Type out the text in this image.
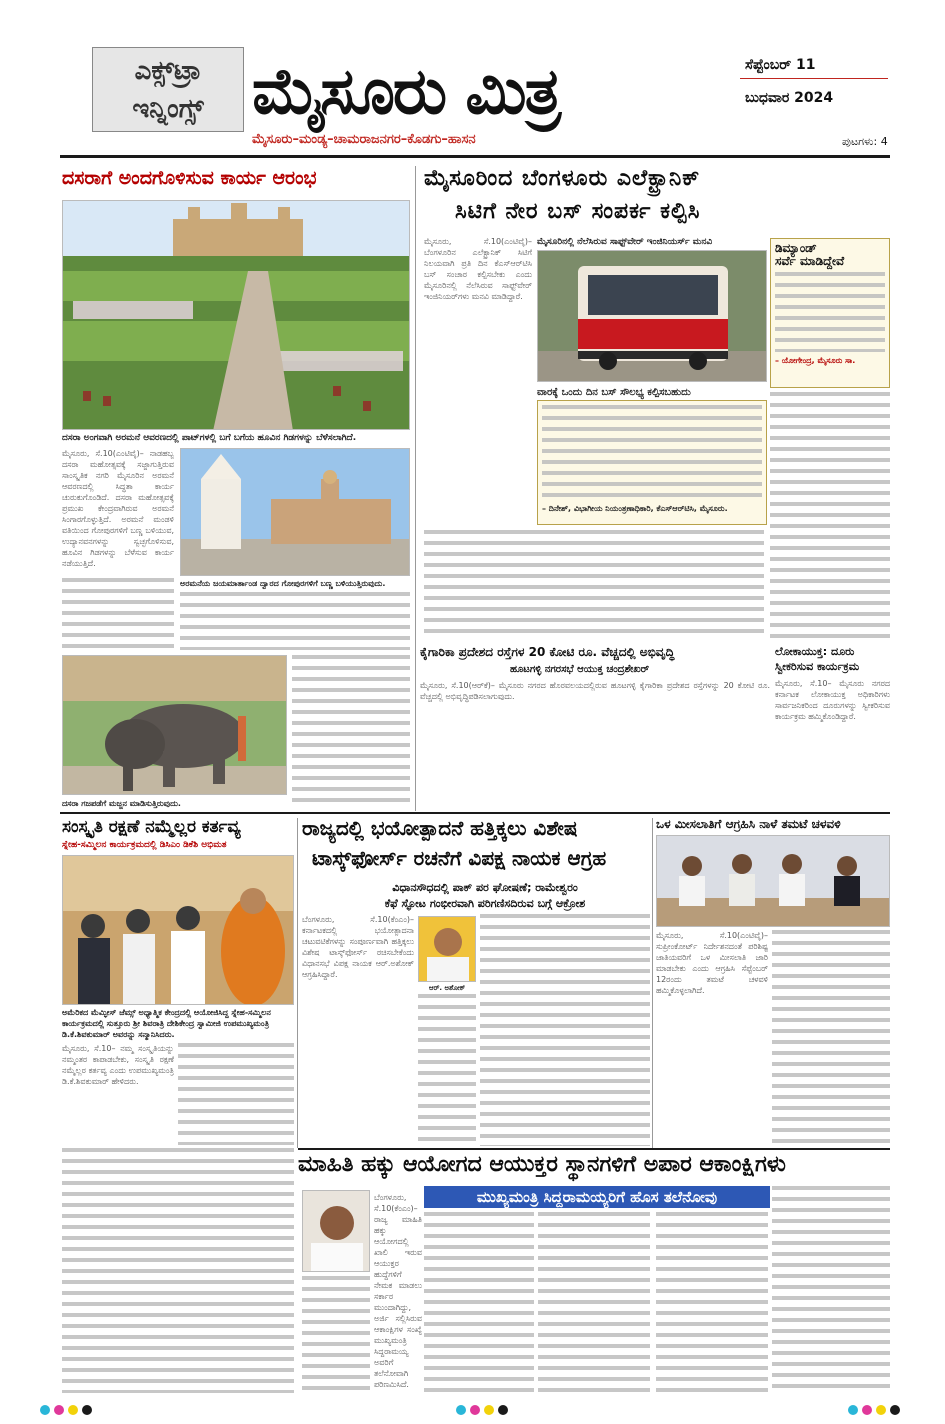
ಎಕ್ಸ್‌ಟ್ರಾ
ಇನ್ನಿಂಗ್ಸ್ ಮೈಸೂರು ಮಿತ್ರ
ಮೈಸೂರು–ಮಂಡ್ಯ–ಚಾಮರಾಜನಗರ–ಕೊಡಗು–ಹಾಸನ
ಸೆಪ್ಟೆಂಬರ್ 11
ಬುಧವಾರ 2024
ಪುಟಗಳು: 4
ದಸರಾಗೆ ಅಂದಗೊಳಿಸುವ ಕಾರ್ಯ ಆರಂಭ
ದಸರಾ ಅಂಗವಾಗಿ ಅರಮನೆ ಆವರಣದಲ್ಲಿ ಪಾಟ್‌ಗಳಲ್ಲಿ ಬಗೆ ಬಗೆಯ ಹೂವಿನ ಗಿಡಗಳನ್ನು ಬೆಳೆಸಲಾಗಿದೆ.
ಮೈಸೂರು, ಸೆ.10(ಎಂಟಿವೈ)– ನಾಡಹಬ್ಬ ದಸರಾ ಮಹೋತ್ಸವಕ್ಕೆ ಸಜ್ಜಾಗುತ್ತಿರುವ ಸಾಂಸ್ಕೃತಿಕ ನಗರಿ ಮೈಸೂರಿನ ಅರಮನೆ ಆವರಣದಲ್ಲಿ ಸಿದ್ಧತಾ ಕಾರ್ಯ ಚುರುಕುಗೊಂಡಿದೆ. ದಸರಾ ಮಹೋತ್ಸವಕ್ಕೆ ಪ್ರಮುಖ ಕೇಂದ್ರವಾಗಿರುವ ಅರಮನೆ ಸಿಂಗಾರಗೊಳ್ಳುತ್ತಿದೆ. ಅರಮನೆ ಮಂಡಳಿ ವತಿಯಿಂದ ಗೋಪುರಗಳಿಗೆ ಬಣ್ಣ ಬಳಿಯುವ, ಉದ್ಯಾನವನಗಳನ್ನು ಸ್ವಚ್ಛಗೊಳಿಸುವ, ಹೂವಿನ ಗಿಡಗಳನ್ನು ಬೆಳೆಸುವ ಕಾರ್ಯ ನಡೆಯುತ್ತಿದೆ.
ಅರಮನೆಯ ಜಯಮಾರ್ತಾಂಡ ದ್ವಾರದ ಗೋಪುರಗಳಿಗೆ ಬಣ್ಣ ಬಳಿಯುತ್ತಿರುವುದು.
ದಸರಾ ಗಜಪಡೆಗೆ ಮಜ್ಜನ ಮಾಡಿಸುತ್ತಿರುವುದು.
ಮೈಸೂರಿಂದ ಬೆಂಗಳೂರು ಎಲೆಕ್ಟ್ರಾನಿಕ್
ಸಿಟಿಗೆ ನೇರ ಬಸ್ ಸಂಪರ್ಕ ಕಲ್ಪಿಸಿ
ಮೈಸೂರು, ಸೆ.10(ಎಂಟಿವೈ)– ಬೆಂಗಳೂರಿನ ಎಲೆಕ್ಟ್ರಾನಿಕ್ ಸಿಟಿಗೆ ನಿಲಯವಾಗಿ ಪ್ರತಿ ದಿನ ಕೆಎಸ್‌ಆರ್‌ಟಿಸಿ ಬಸ್ ಸಂಚಾರ ಕಲ್ಪಿಸಬೇಕು ಎಂದು ಮೈಸೂರಿನಲ್ಲಿ ನೆಲೆಸಿರುವ ಸಾಫ್ಟ್‌ವೇರ್ ಇಂಜಿನಿಯರ್‌ಗಳು ಮನವಿ ಮಾಡಿದ್ದಾರೆ.
ಮೈಸೂರಿನಲ್ಲಿ ನೆಲೆಸಿರುವ ಸಾಫ್ಟ್‌ವೇರ್ ಇಂಜಿನಿಯರ್ಸ್ ಮನವಿ	ಡಿಮ್ಯಾಂಡ್
ಸರ್ವೆ ಮಾಡಿದ್ದೇವೆ
– ಯೋಗೇಂದ್ರ, ಮೈಸೂರು ಸಾ.
ವಾರಕ್ಕೆ ಒಂದು ದಿನ ಬಸ್ ಸೌಲಭ್ಯ ಕಲ್ಪಿಸಬಹುದು
– ದಿನೇಶ್, ವಿಭಾಗೀಯ ನಿಯಂತ್ರಣಾಧಿಕಾರಿ, ಕೆಎಸ್‌ಆರ್‌ಟಿಸಿ, ಮೈಸೂರು.
ಕೈಗಾರಿಕಾ ಪ್ರದೇಶದ ರಸ್ತೆಗಳ 20 ಕೋಟಿ ರೂ. ವೆಚ್ಚದಲ್ಲಿ ಅಭಿವೃದ್ಧಿ
ಹೂಟಗಳ್ಳಿ ನಗರಸಭೆ ಆಯುಕ್ತ ಚಂದ್ರಶೇಖರ್
ಮೈಸೂರು, ಸೆ.10(ಆರ್‌ಕೆ)– ಮೈಸೂರು ನಗರದ ಹೊರವಲಯದಲ್ಲಿರುವ ಹೂಟಗಳ್ಳಿ ಕೈಗಾರಿಕಾ ಪ್ರದೇಶದ ರಸ್ತೆಗಳನ್ನು 20 ಕೋಟಿ ರೂ. ವೆಚ್ಚದಲ್ಲಿ ಅಭಿವೃದ್ಧಿಪಡಿಸಲಾಗುವುದು.
ಲೋಕಾಯುಕ್ತ: ದೂರು
ಸ್ವೀಕರಿಸುವ ಕಾರ್ಯಕ್ರಮ
ಮೈಸೂರು, ಸೆ.10– ಮೈಸೂರು ನಗರದ ಕರ್ನಾಟಕ ಲೋಕಾಯುಕ್ತ ಅಧಿಕಾರಿಗಳು ಸಾರ್ವಜನಿಕರಿಂದ ದೂರುಗಳನ್ನು ಸ್ವೀಕರಿಸುವ ಕಾರ್ಯಕ್ರಮ ಹಮ್ಮಿಕೊಂಡಿದ್ದಾರೆ.
ಸಂಸ್ಕೃತಿ ರಕ್ಷಣೆ ನಮ್ಮೆಲ್ಲರ ಕರ್ತವ್ಯ
ಸ್ನೇಹ-ಸಮ್ಮಿಲನ ಕಾರ್ಯಕ್ರಮದಲ್ಲಿ ಡಿಸಿಎಂ ಡಿಕೆಶಿ ಅಭಿಮತ
ಅಮೆರಿಕದ ಮೆಮ್ಫೀಸ್ ಜೆಮ್ಸ್ ಅಧ್ಯಾತ್ಮಿಕ ಕೇಂದ್ರದಲ್ಲಿ ಆಯೋಜಿಸಿದ್ದ ಸ್ನೇಹ-ಸಮ್ಮಿಲನ ಕಾರ್ಯಕ್ರಮದಲ್ಲಿ ಸುತ್ತೂರು ಶ್ರೀ ಶಿವರಾತ್ರಿ ದೇಶಿಕೇಂದ್ರ ಸ್ವಾಮೀಜಿ ಉಪಮುಖ್ಯಮಂತ್ರಿ ಡಿ.ಕೆ.ಶಿವಕುಮಾರ್ ಅವರನ್ನು ಸನ್ಮಾನಿಸಿದರು.
ಮೈಸೂರು, ಸೆ.10– ನಮ್ಮ ಸಂಸ್ಕೃತಿಯನ್ನು ನಮ್ಮಂತರ ಕಾಪಾಡಬೇಕು, ಸಂಸ್ಕೃತಿ ರಕ್ಷಣೆ ನಮ್ಮೆಲ್ಲರ ಕರ್ತವ್ಯ ಎಂದು ಉಪಮುಖ್ಯಮಂತ್ರಿ ಡಿ.ಕೆ.ಶಿವಕುಮಾರ್ ಹೇಳಿದರು.
ರಾಜ್ಯದಲ್ಲಿ ಭಯೋತ್ಪಾದನೆ ಹತ್ತಿಕ್ಕಲು ವಿಶೇಷ
ಟಾಸ್ಕ್‌ಫೋರ್ಸ್ ರಚನೆಗೆ ವಿಪಕ್ಷ ನಾಯಕ ಆಗ್ರಹ
ವಿಧಾನಸೌಧದಲ್ಲಿ ಪಾಕ್ ಪರ ಘೋಷಣೆ; ರಾಮೇಶ್ವರಂ
ಕೆಫೆ ಸ್ಫೋಟ ಗಂಭೀರವಾಗಿ ಪರಿಗಣಿಸದಿರುವ ಬಗ್ಗೆ ಆಕ್ರೋಶ
ಬೆಂಗಳೂರು, ಸೆ.10(ಕೆಂಎಂ)– ಕರ್ನಾಟಕದಲ್ಲಿ ಭಯೋತ್ಪಾದನಾ ಚಟುವಟಿಕೆಗಳನ್ನು ಸಂಪೂರ್ಣವಾಗಿ ಹತ್ತಿಕ್ಕಲು ವಿಶೇಷ ಟಾಸ್ಕ್‌ಫೋರ್ಸ್ ರಚಿಸಬೇಕೆಂದು ವಿಧಾನಸಭೆ ವಿಪಕ್ಷ ನಾಯಕ ಆರ್.ಅಶೋಕ್ ಆಗ್ರಹಿಸಿದ್ದಾರೆ.
ಆರ್. ಅಶೋಕ್
ಒಳ ಮೀಸಲಾತಿಗೆ ಆಗ್ರಹಿಸಿ ನಾಳೆ ತಮಟೆ ಚಳವಳಿ
ಮೈಸೂರು, ಸೆ.10(ಎಂಟಿವೈ)– ಸುಪ್ರೀಂಕೋರ್ಟ್ ನಿರ್ದೇಶನದಂತೆ ಪರಿಶಿಷ್ಟ ಜಾತಿಯವರಿಗೆ ಒಳ ಮೀಸಲಾತಿ ಜಾರಿ ಮಾಡಬೇಕು ಎಂದು ಆಗ್ರಹಿಸಿ ಸೆಪ್ಟೆಂಬರ್ 12ರಂದು ತಮಟೆ ಚಳವಳಿ ಹಮ್ಮಿಕೊಳ್ಳಲಾಗಿದೆ.
ಮಾಹಿತಿ ಹಕ್ಕು ಆಯೋಗದ ಆಯುಕ್ತರ ಸ್ಥಾನಗಳಿಗೆ ಅಪಾರ ಆಕಾಂಕ್ಷಿಗಳು
ಬೆಂಗಳೂರು, ಸೆ.10(ಕೆಂಎಂ)– ರಾಜ್ಯ ಮಾಹಿತಿ ಹಕ್ಕು ಆಯೋಗದಲ್ಲಿ ಖಾಲಿ ಇರುವ ಆಯುಕ್ತರ ಹುದ್ದೆಗಳಿಗೆ ನೇಮಕ ಮಾಡಲು ಸರ್ಕಾರ ಮುಂದಾಗಿದ್ದು, ಅರ್ಜಿ ಸಲ್ಲಿಸಿರುವ ಆಕಾಂಕ್ಷಿಗಳ ಸಂಖ್ಯೆ ಮುಖ್ಯಮಂತ್ರಿ ಸಿದ್ದರಾಮಯ್ಯ ಅವರಿಗೆ ತಲೆನೋವಾಗಿ ಪರಿಣಮಿಸಿದೆ.
ಮುಖ್ಯಮಂತ್ರಿ ಸಿದ್ದರಾಮಯ್ಯರಿಗೆ ಹೊಸ ತಲೆನೋವು
